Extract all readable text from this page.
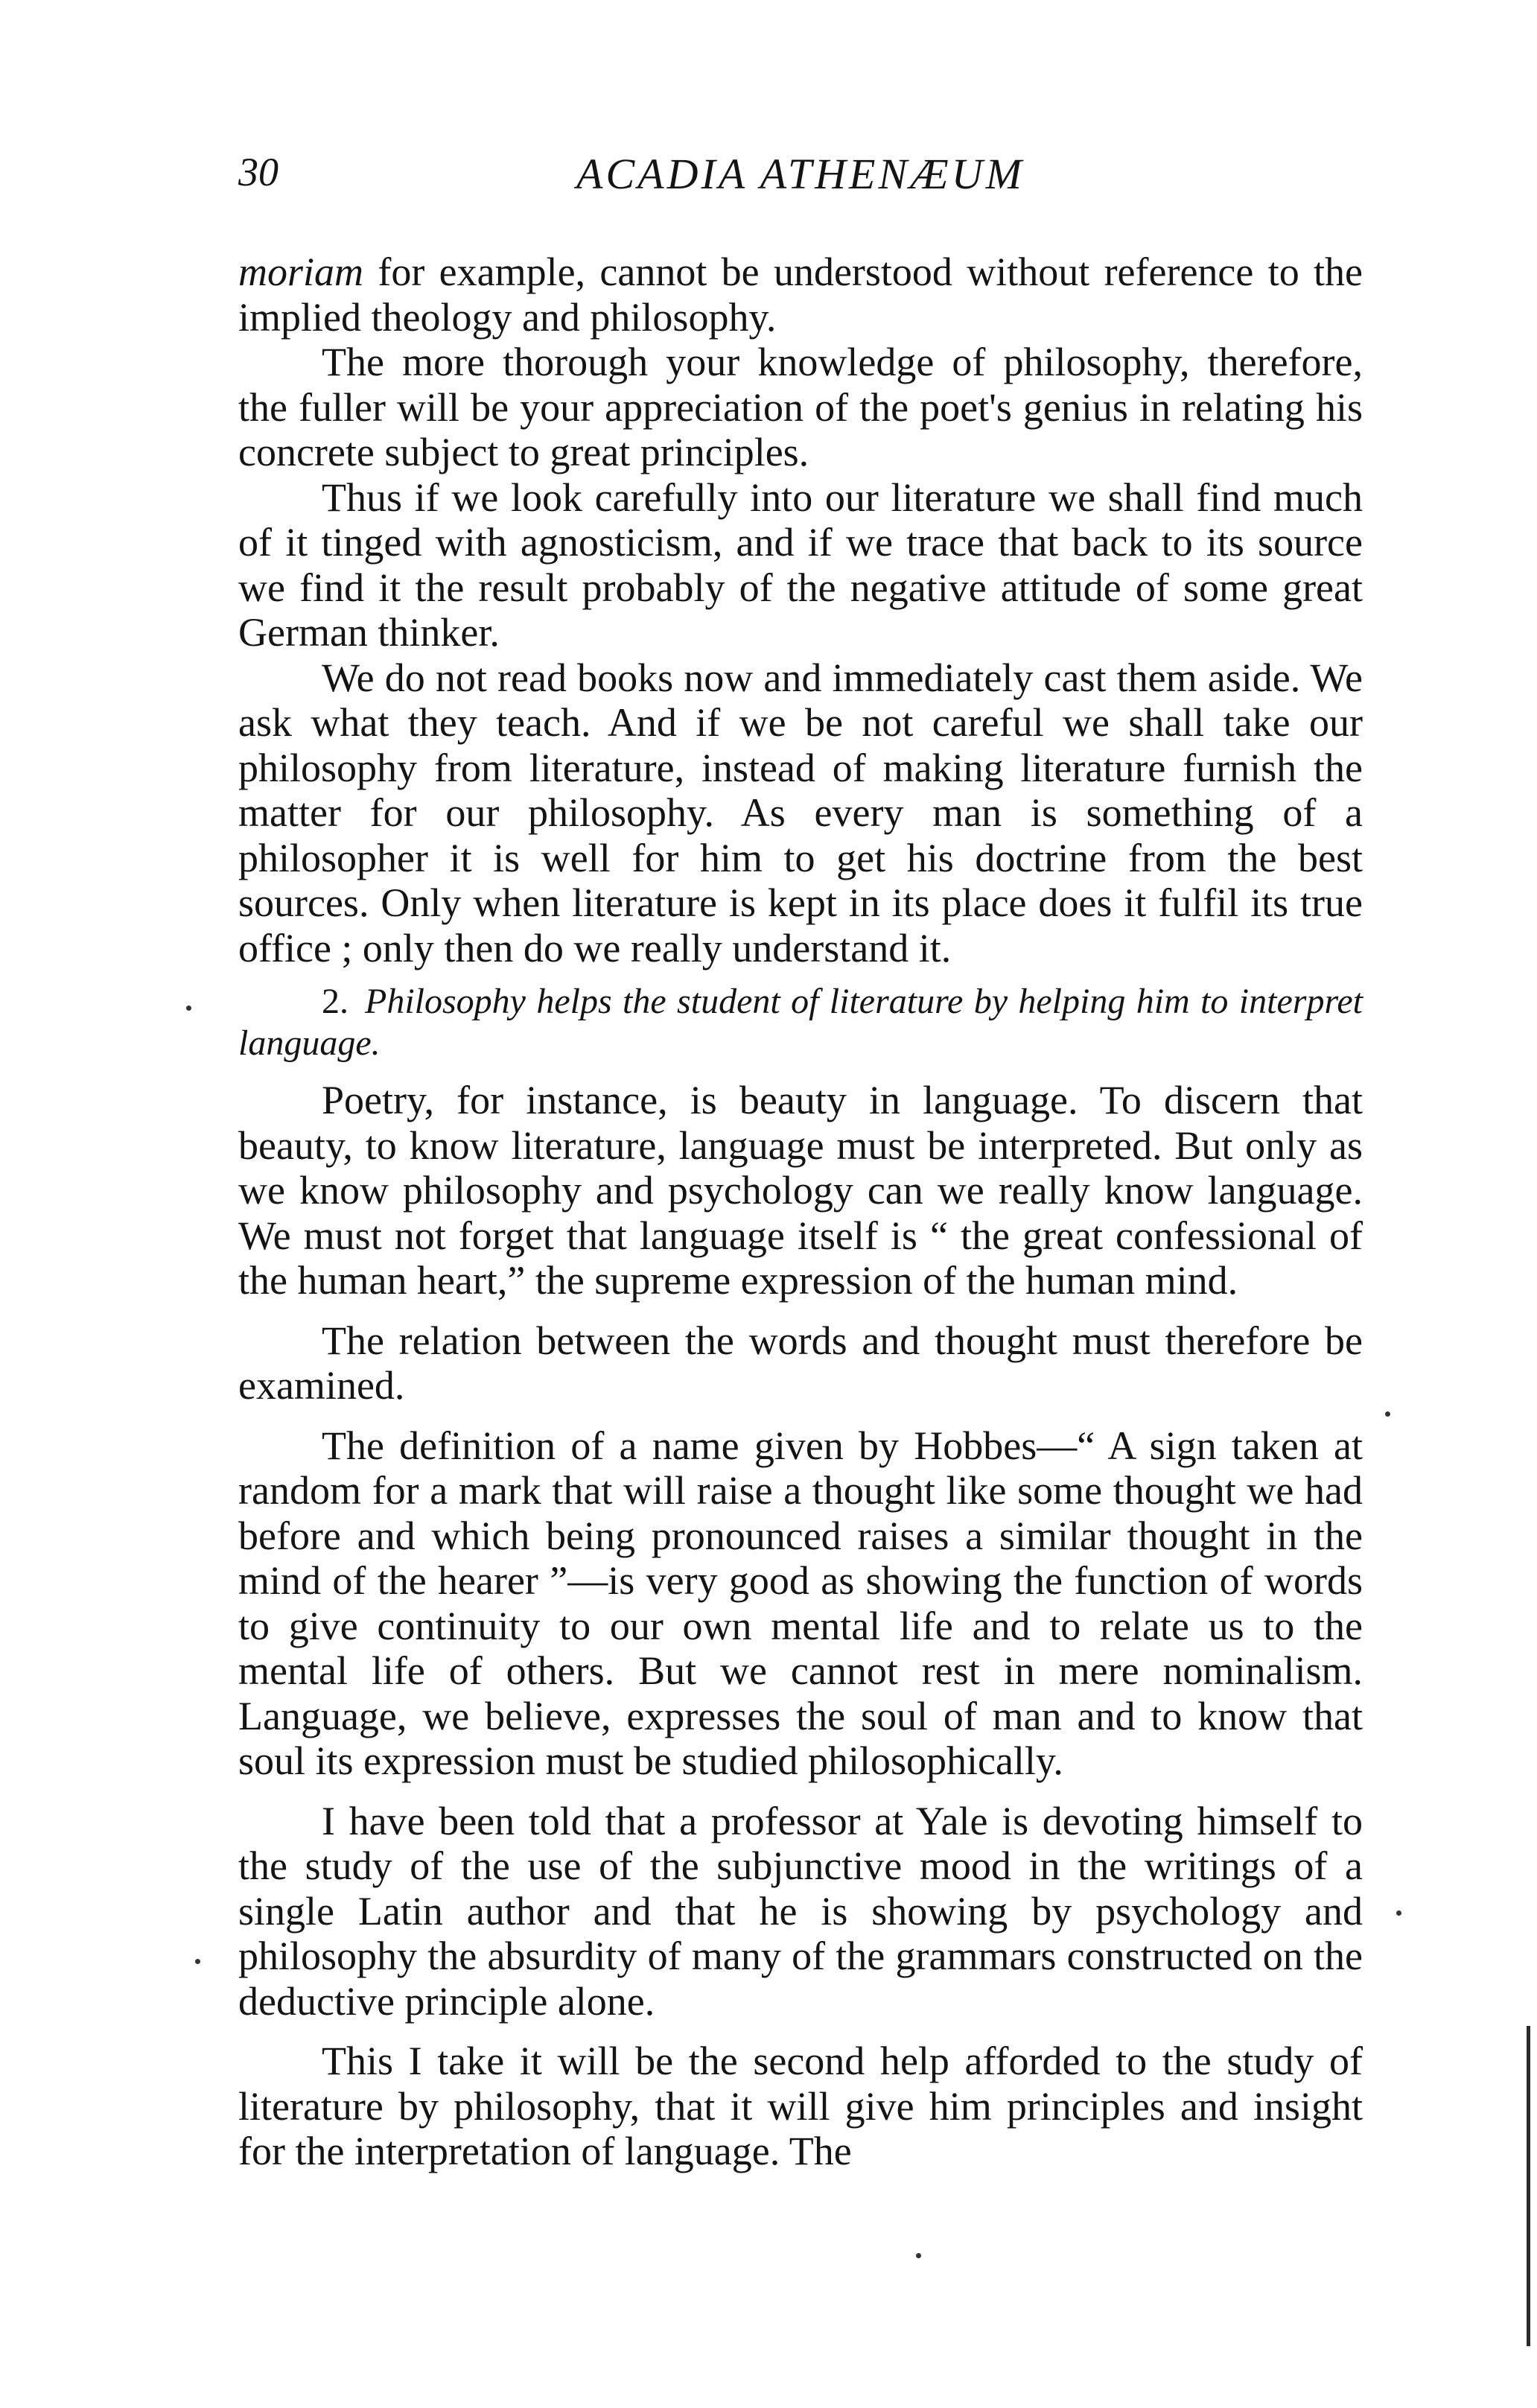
30	ACADIA ATHENÆUM

moriam for example, cannot be understood without reference to the implied theology and philosophy.

The more thorough your knowledge of philosophy, therefore, the fuller will be your appreciation of the poet's genius in relating his concrete subject to great principles.

Thus if we look carefully into our literature we shall find much of it tinged with agnosticism, and if we trace that back to its source we find it the result probably of the negative attitude of some great German thinker.

We do not read books now and immediately cast them aside. We ask what they teach. And if we be not careful we shall take our philosophy from literature, instead of making literature furnish the matter for our philosophy. As every man is something of a philosopher it is well for him to get his doctrine from the best sources. Only when literature is kept in its place does it fulfil its true office ; only then do we really understand it.

2. Philosophy helps the student of literature by helping him to interpret language.

Poetry, for instance, is beauty in language. To discern that beauty, to know literature, language must be interpreted. But only as we know philosophy and psychology can we really know language. We must not forget that language itself is “ the great confessional of the human heart,” the supreme expression of the human mind.

The relation between the words and thought must therefore be examined.

The definition of a name given by Hobbes—“ A sign taken at random for a mark that will raise a thought like some thought we had before and which being pronounced raises a similar thought in the mind of the hearer ”—is very good as showing the function of words to give continuity to our own mental life and to relate us to the mental life of others. But we cannot rest in mere nominalism. Language, we believe, expresses the soul of man and to know that soul its expression must be studied philosophically.

I have been told that a professor at Yale is devoting himself to the study of the use of the subjunctive mood in the writings of a single Latin author and that he is showing by psychology and philosophy the absurdity of many of the grammars constructed on the deductive principle alone.

This I take it will be the second help afforded to the study of literature by philosophy, that it will give him principles and insight for the interpretation of language. The
